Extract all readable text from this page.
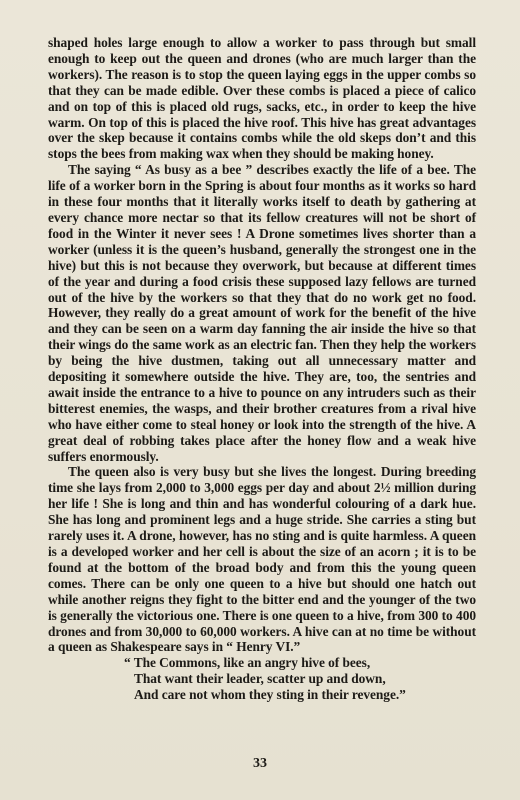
shaped holes large enough to allow a worker to pass through but small enough to keep out the queen and drones (who are much larger than the workers). The reason is to stop the queen laying eggs in the upper combs so that they can be made edible. Over these combs is placed a piece of calico and on top of this is placed old rugs, sacks, etc., in order to keep the hive warm. On top of this is placed the hive roof. This hive has great advantages over the skep because it contains combs while the old skeps don’t and this stops the bees from making wax when they should be making honey.

The saying “ As busy as a bee ” describes exactly the life of a bee. The life of a worker born in the Spring is about four months as it works so hard in these four months that it literally works itself to death by gathering at every chance more nectar so that its fellow creatures will not be short of food in the Winter it never sees ! A Drone sometimes lives shorter than a worker (unless it is the queen’s husband, generally the strongest one in the hive) but this is not because they overwork, but because at different times of the year and during a food crisis these supposed lazy fellows are turned out of the hive by the workers so that they that do no work get no food. However, they really do a great amount of work for the benefit of the hive and they can be seen on a warm day fanning the air inside the hive so that their wings do the same work as an electric fan. Then they help the workers by being the hive dustmen, taking out all unnecessary matter and depositing it somewhere outside the hive. They are, too, the sentries and await inside the entrance to a hive to pounce on any intruders such as their bitterest enemies, the wasps, and their brother creatures from a rival hive who have either come to steal honey or look into the strength of the hive. A great deal of robbing takes place after the honey flow and a weak hive suffers enormously.

The queen also is very busy but she lives the longest. During breeding time she lays from 2,000 to 3,000 eggs per day and about 2½ million during her life ! She is long and thin and has wonderful colouring of a dark hue. She has long and prominent legs and a huge stride. She carries a sting but rarely uses it. A drone, however, has no sting and is quite harmless. A queen is a developed worker and her cell is about the size of an acorn ; it is to be found at the bottom of the broad body and from this the young queen comes. There can be only one queen to a hive but should one hatch out while another reigns they fight to the bitter end and the younger of the two is generally the victorious one. There is one queen to a hive, from 300 to 400 drones and from 30,000 to 60,000 workers. A hive can at no time be without a queen as Shakespeare says in “ Henry VI.”

“ The Commons, like an angry hive of bees,
That want their leader, scatter up and down,
And care not whom they sting in their revenge.”
33
